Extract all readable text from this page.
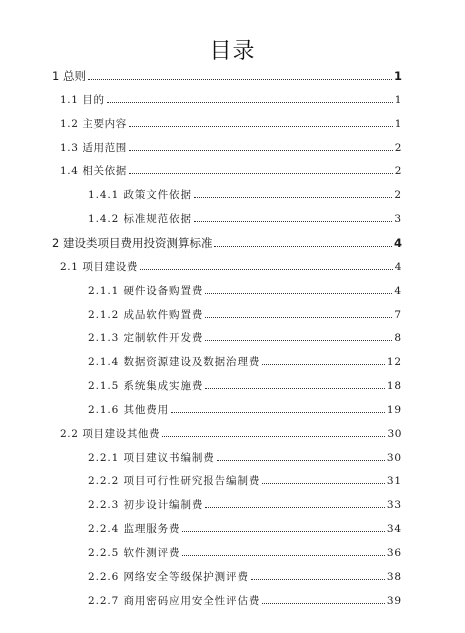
目录
1 总则	1
1.1 目的	1
1.2 主要内容	1
1.3 适用范围	2
1.4 相关依据	2
1.4.1 政策文件依据	2
1.4.2 标准规范依据	3
2 建设类项目费用投资测算标准	4
2.1 项目建设费	4
2.1.1 硬件设备购置费	4
2.1.2 成品软件购置费	7
2.1.3 定制软件开发费	8
2.1.4 数据资源建设及数据治理费	12
2.1.5 系统集成实施费	18
2.1.6 其他费用	19
2.2 项目建设其他费	30
2.2.1 项目建议书编制费	30
2.2.2 项目可行性研究报告编制费	31
2.2.3 初步设计编制费	33
2.2.4 监理服务费	34
2.2.5 软件测评费	36
2.2.6 网络安全等级保护测评费	38
2.2.7 商用密码应用安全性评估费	39
